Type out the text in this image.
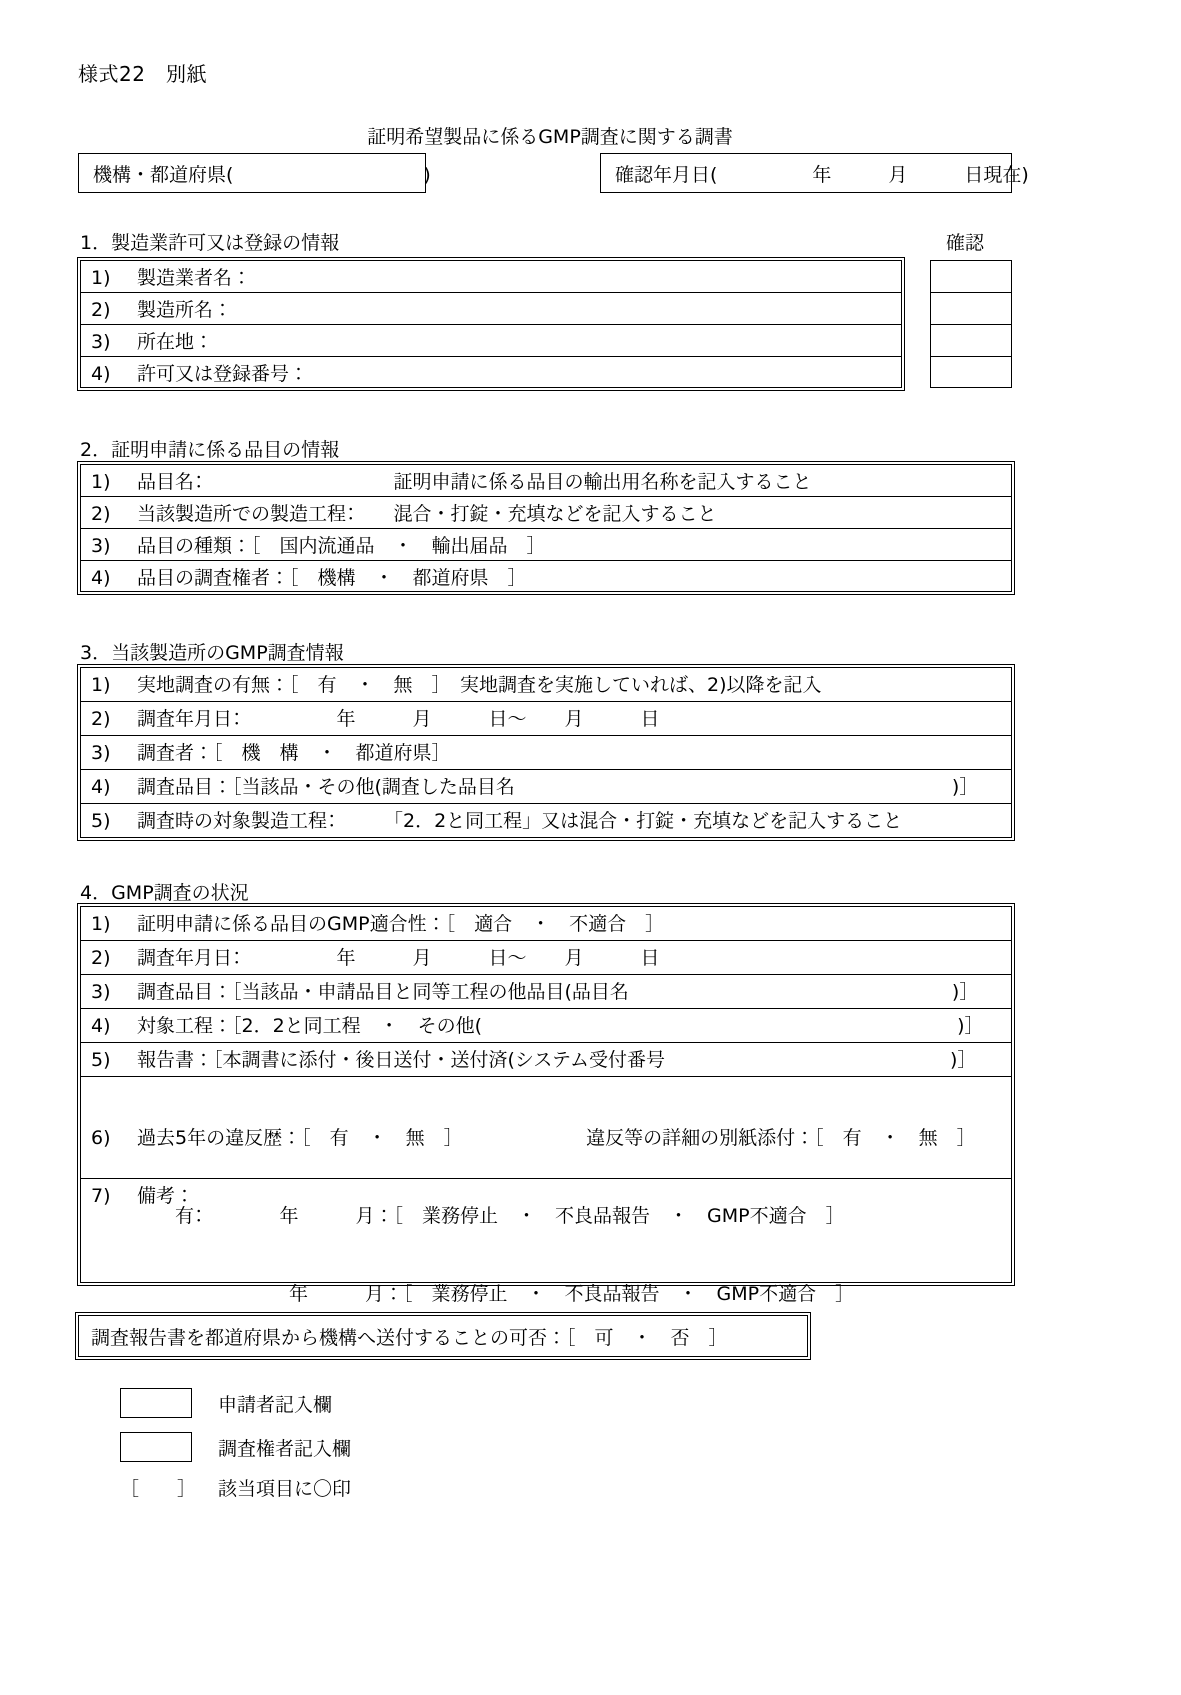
様式22　別紙
証明希望製品に係るGMP調査に関する調書
機構・都道府県(　　　　　　　　　　)	確認年月日(　　　　　年　　　月　　　日現在)
1．製造業許可又は登録の情報	確認
1) 製造業者名：
2) 製造所名：
3) 所在地：
4) 許可又は登録番号：
2．証明申請に係る品目の情報
1) 品目名：　　　　　　　　　　証明申請に係る品目の輸出用名称を記入すること
2) 当該製造所での製造工程：　　混合・打錠・充填などを記入すること
3) 品目の種類：［　国内流通品　・　輸出届品　］
4) 品目の調査権者：［　機構　・　都道府県　］
3．当該製造所のGMP調査情報
1) 実地調査の有無：［　有　・　無　］　実地調査を実施していれば、2)以降を記入
2) 調査年月日：　　　　　年　　　月　　　日～　　月　　　日
3) 調査者：［　機　構　・　都道府県］
4) 調査品目：［当該品・その他(調査した品目名　　　　　　　　　　　　　　　　　　　　　　　)］
5) 調査時の対象製造工程：　　　「2．2と同工程」又は混合・打錠・充填などを記入すること
4．GMP調査の状況
1) 証明申請に係る品目のGMP適合性：［　適合　・　不適合　］
2) 調査年月日：　　　　　年　　　月　　　日～　　月　　　日
3) 調査品目：［当該品・申請品目と同等工程の他品目(品目名　　　　　　　　　　　　　　　　　)］
4) 対象工程：［2．2と同工程　・　その他(　　　　　　　　　　　　　　　　　　　　　　　　　)］
5) 報告書：［本調書に添付・後日送付・送付済(システム受付番号　　　　　　　　　　　　　　　)］

6) 過去5年の違反歴：［　有　・　無　］　　　　　　　違反等の詳細の別紙添付：［　有　・　無　］

　　有：　　　　年　　　月：［　業務停止　・　不良品報告　・　GMP不適合　］

　　　　　　　　年　　　月：［　業務停止　・　不良品報告　・　GMP不適合　］

7) 備考：
調査報告書を都道府県から機構へ送付することの可否：［　可　・　否　］
申請者記入欄
調査権者記入欄
［　　］ 該当項目に〇印
